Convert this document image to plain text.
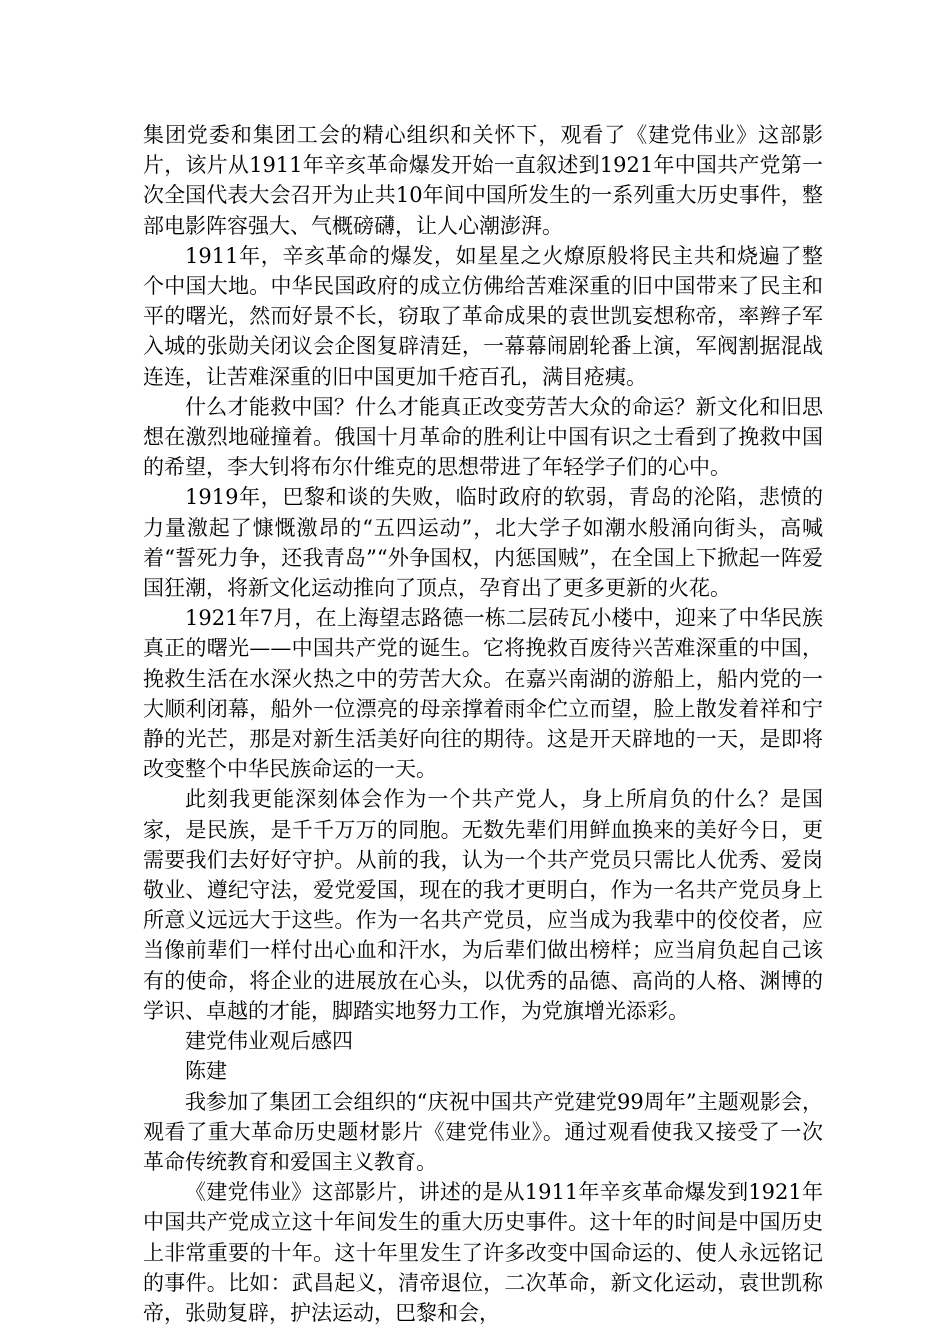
集团党委和集团工会的精心组织和关怀下，观看了《建党伟业》这部影片，该片从1911年辛亥革命爆发开始一直叙述到1921年中国共产党第一次全国代表大会召开为止共10年间中国所发生的一系列重大历史事件，整部电影阵容强大、气概磅礴，让人心潮澎湃。

1911年，辛亥革命的爆发，如星星之火燎原般将民主共和烧遍了整个中国大地。中华民国政府的成立仿佛给苦难深重的旧中国带来了民主和平的曙光，然而好景不长，窃取了革命成果的袁世凯妄想称帝，率辫子军入城的张勋关闭议会企图复辟清廷，一幕幕闹剧轮番上演，军阀割据混战连连，让苦难深重的旧中国更加千疮百孔，满目疮痍。

什么才能救中国？什么才能真正改变劳苦大众的命运？新文化和旧思想在激烈地碰撞着。俄国十月革命的胜利让中国有识之士看到了挽救中国的希望，李大钊将布尔什维克的思想带进了年轻学子们的心中。

1919年，巴黎和谈的失败，临时政府的软弱，青岛的沦陷，悲愤的力量激起了慷慨激昂的“五四运动”，北大学子如潮水般涌向街头，高喊着“誓死力争，还我青岛”“外争国权，内惩国贼”，在全国上下掀起一阵爱国狂潮，将新文化运动推向了顶点，孕育出了更多更新的火花。

1921年7月，在上海望志路德一栋二层砖瓦小楼中，迎来了中华民族真正的曙光——中国共产党的诞生。它将挽救百废待兴苦难深重的中国，挽救生活在水深火热之中的劳苦大众。在嘉兴南湖的游船上，船内党的一大顺利闭幕，船外一位漂亮的母亲撑着雨伞伫立而望，脸上散发着祥和宁静的光芒，那是对新生活美好向往的期待。这是开天辟地的一天，是即将改变整个中华民族命运的一天。

此刻我更能深刻体会作为一个共产党人，身上所肩负的什么？是国家，是民族，是千千万万的同胞。无数先辈们用鲜血换来的美好今日，更需要我们去好好守护。从前的我，认为一个共产党员只需比人优秀、爱岗敬业、遵纪守法，爱党爱国，现在的我才更明白，作为一名共产党员身上所意义远远大于这些。作为一名共产党员，应当成为我辈中的佼佼者，应当像前辈们一样付出心血和汗水，为后辈们做出榜样；应当肩负起自己该有的使命，将企业的进展放在心头，以优秀的品德、高尚的人格、渊博的学识、卓越的才能，脚踏实地努力工作，为党旗增光添彩。

建党伟业观后感四

陈建

我参加了集团工会组织的“庆祝中国共产党建党99周年”主题观影会，观看了重大革命历史题材影片《建党伟业》。通过观看使我又接受了一次革命传统教育和爱国主义教育。

《建党伟业》这部影片，讲述的是从1911年辛亥革命爆发到1921年中国共产党成立这十年间发生的重大历史事件。这十年的时间是中国历史上非常重要的十年。这十年里发生了许多改变中国命运的、使人永远铭记的事件。比如：武昌起义，清帝退位，二次革命，新文化运动，袁世凯称帝，张勋复辟，护法运动，巴黎和会，
